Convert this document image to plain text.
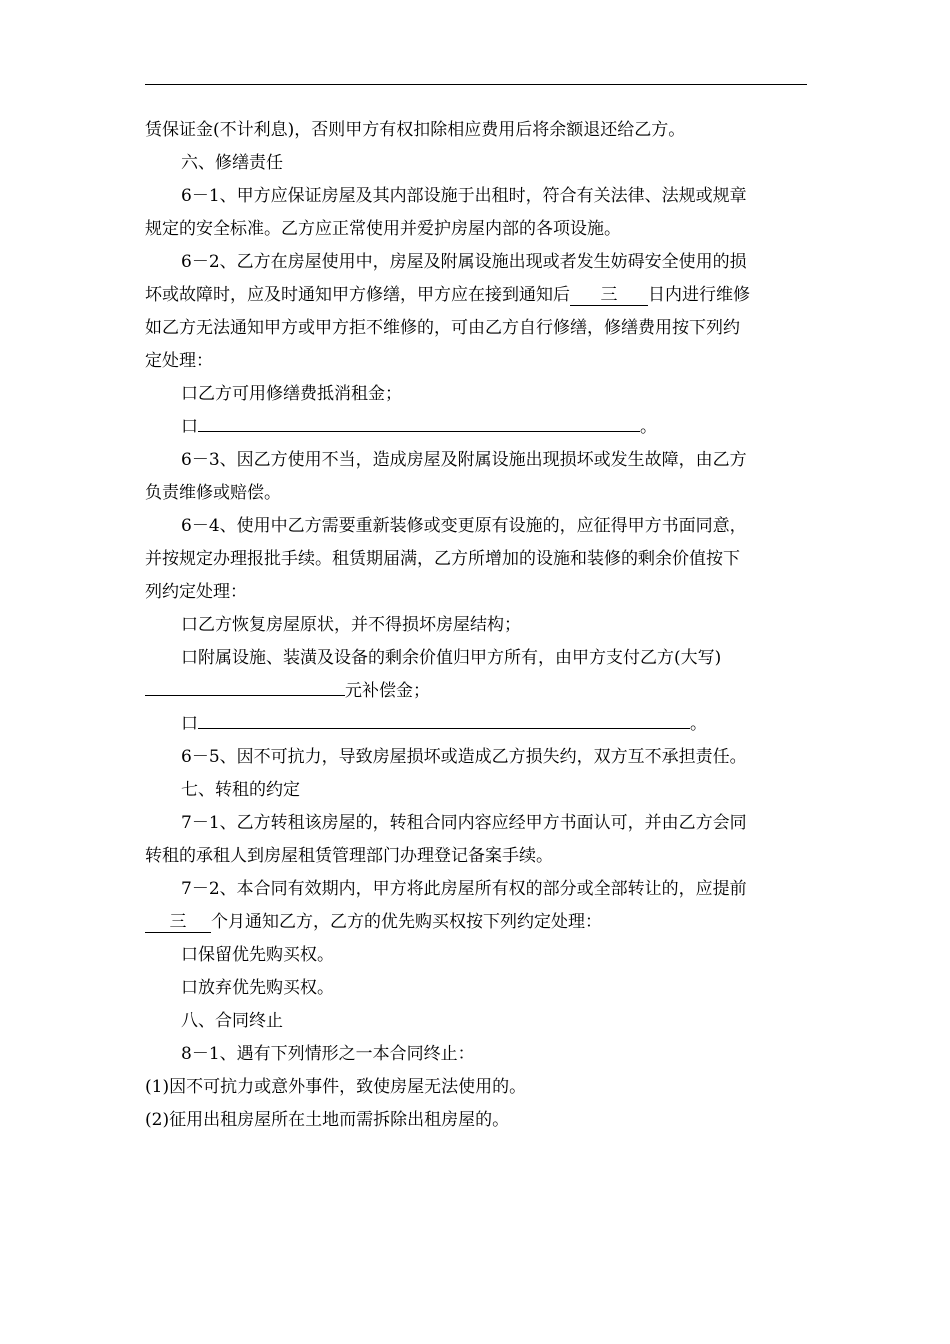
赁保证金(不计利息)，否则甲方有权扣除相应费用后将余额退还给乙方。
六、修缮责任
6－1、甲方应保证房屋及其内部设施于出租时，符合有关法律、法规或规章
规定的安全标准。乙方应正常使用并爱护房屋内部的各项设施。
6－2、乙方在房屋使用中，房屋及附属设施出现或者发生妨碍安全使用的损
坏或故障时，应及时通知甲方修缮，甲方应在接到通知后 三 日内进行维修
如乙方无法通知甲方或甲方拒不维修的，可由乙方自行修缮，修缮费用按下列约
定处理：
口乙方可用修缮费抵消租金；
口	。
6－3、因乙方使用不当，造成房屋及附属设施出现损坏或发生故障，由乙方
负责维修或赔偿。
6－4、使用中乙方需要重新装修或变更原有设施的，应征得甲方书面同意，
并按规定办理报批手续。租赁期届满，乙方所增加的设施和装修的剩余价值按下
列约定处理：
口乙方恢复房屋原状，并不得损坏房屋结构；
口附属设施、装潢及设备的剩余价值归甲方所有，由甲方支付乙方(大写)
元补偿金；
口	。
6－5、因不可抗力，导致房屋损坏或造成乙方损失约，双方互不承担责任。
七、转租的约定
7－1、乙方转租该房屋的，转租合同内容应经甲方书面认可，并由乙方会同
转租的承租人到房屋租赁管理部门办理登记备案手续。
7－2、本合同有效期内，甲方将此房屋所有权的部分或全部转让的，应提前
三 个月通知乙方，乙方的优先购买权按下列约定处理：
口保留优先购买权。
口放弃优先购买权。
八、合同终止
8－1、遇有下列情形之一本合同终止：
(1)因不可抗力或意外事件，致使房屋无法使用的。
(2)征用出租房屋所在土地而需拆除出租房屋的。
